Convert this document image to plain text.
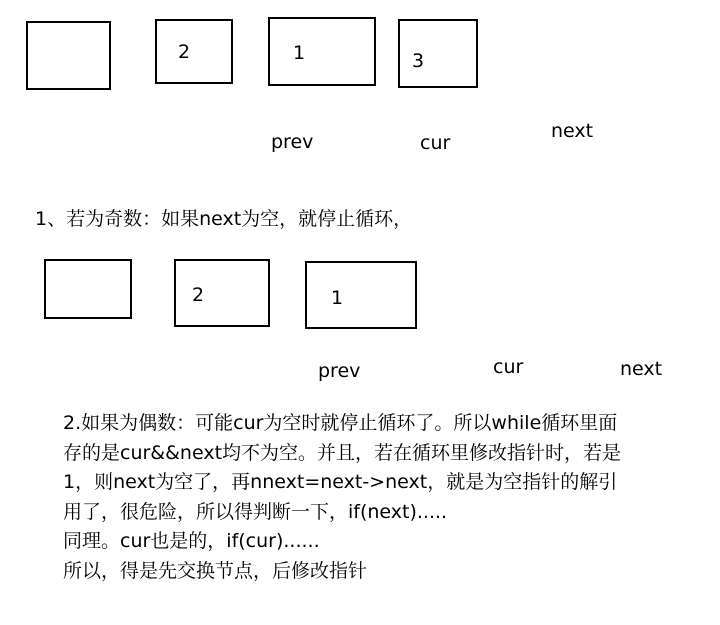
2	1	3
prev	cur
next
1、若为奇数：如果next为空，就停止循环，
2	1
prev	cur	next
2.如果为偶数：可能cur为空时就停止循环了。所以while循环里面
存的是cur&&next均不为空。并且，若在循环里修改指针时，若是
1，则next为空了，再nnext=next->next，就是为空指针的解引
用了，很危险，所以得判断一下，if(next).....
同理。cur也是的，if(cur)......
所以，得是先交换节点，后修改指针
